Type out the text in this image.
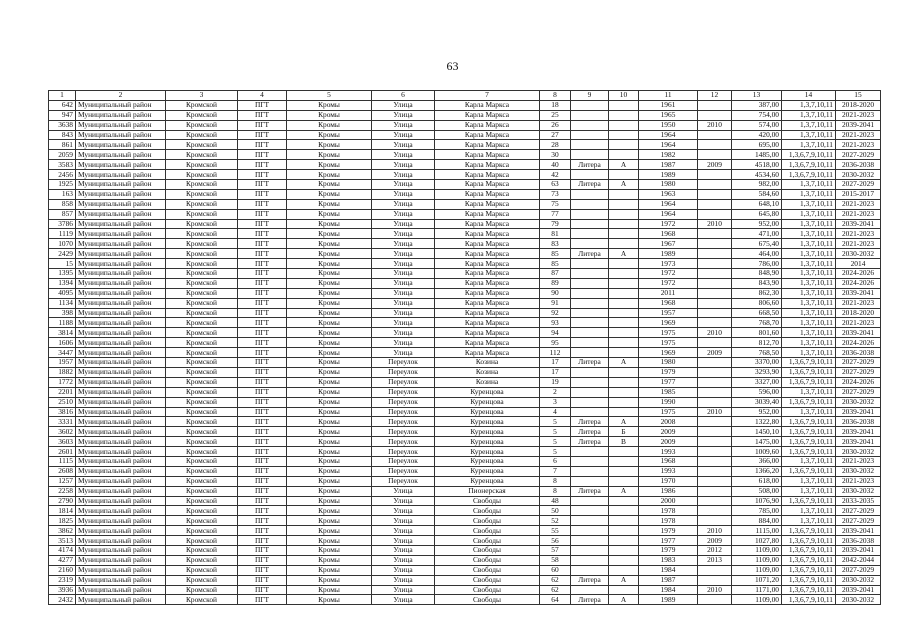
63
1	2	3	4	5	6	7	8	9	10	11	12	13	14	15
642	Муниципальный район	Кромской	ПГТ	Кромы	Улица	Карла Маркса	18			1961		387,00	1,3,7,10,11	2018-2020
947	Муниципальный район	Кромской	ПГТ	Кромы	Улица	Карла Маркса	25			1965		754,00	1,3,7,10,11	2021-2023
3638	Муниципальный район	Кромской	ПГТ	Кромы	Улица	Карла Маркса	26			1950	2010	574,00	1,3,7,10,11	2039-2041
843	Муниципальный район	Кромской	ПГТ	Кромы	Улица	Карла Маркса	27			1964		420,00	1,3,7,10,11	2021-2023
861	Муниципальный район	Кромской	ПГТ	Кромы	Улица	Карла Маркса	28			1964		695,00	1,3,7,10,11	2021-2023
2059	Муниципальный район	Кромской	ПГТ	Кромы	Улица	Карла Маркса	30			1982		1485,00	1,3,6,7,9,10,11	2027-2029
3583	Муниципальный район	Кромской	ПГТ	Кромы	Улица	Карла Маркса	40	Литера	А	1987	2009	4518,00	1,3,6,7,9,10,11	2036-2038
2456	Муниципальный район	Кромской	ПГТ	Кромы	Улица	Карла Маркса	42			1989		4534,60	1,3,6,7,9,10,11	2030-2032
1925	Муниципальный район	Кромской	ПГТ	Кромы	Улица	Карла Маркса	63	Литера	А	1980		982,00	1,3,7,10,11	2027-2029
163	Муниципальный район	Кромской	ПГТ	Кромы	Улица	Карла Маркса	73			1963		584,60	1,3,7,10,11	2015-2017
858	Муниципальный район	Кромской	ПГТ	Кромы	Улица	Карла Маркса	75			1964		648,10	1,3,7,10,11	2021-2023
857	Муниципальный район	Кромской	ПГТ	Кромы	Улица	Карла Маркса	77			1964		645,80	1,3,7,10,11	2021-2023
3786	Муниципальный район	Кромской	ПГТ	Кромы	Улица	Карла Маркса	79			1972	2010	952,00	1,3,7,10,11	2039-2041
1119	Муниципальный район	Кромской	ПГТ	Кромы	Улица	Карла Маркса	81			1968		471,00	1,3,7,10,11	2021-2023
1070	Муниципальный район	Кромской	ПГТ	Кромы	Улица	Карла Маркса	83			1967		675,40	1,3,7,10,11	2021-2023
2429	Муниципальный район	Кромской	ПГТ	Кромы	Улица	Карла Маркса	85	Литера	А	1989		464,00	1,3,7,10,11	2030-2032
15	Муниципальный район	Кромской	ПГТ	Кромы	Улица	Карла Маркса	85			1973		786,00	1,3,7,10,11	2014
1395	Муниципальный район	Кромской	ПГТ	Кромы	Улица	Карла Маркса	87			1972		848,90	1,3,7,10,11	2024-2026
1394	Муниципальный район	Кромской	ПГТ	Кромы	Улица	Карла Маркса	89			1972		843,90	1,3,7,10,11	2024-2026
4095	Муниципальный район	Кромской	ПГТ	Кромы	Улица	Карла Маркса	90			2011		862,30	1,3,7,10,11	2039-2041
1134	Муниципальный район	Кромской	ПГТ	Кромы	Улица	Карла Маркса	91			1968		806,60	1,3,7,10,11	2021-2023
398	Муниципальный район	Кромской	ПГТ	Кромы	Улица	Карла Маркса	92			1957		668,50	1,3,7,10,11	2018-2020
1188	Муниципальный район	Кромской	ПГТ	Кромы	Улица	Карла Маркса	93			1969		768,70	1,3,7,10,11	2021-2023
3814	Муниципальный район	Кромской	ПГТ	Кромы	Улица	Карла Маркса	94			1975	2010	801,60	1,3,7,10,11	2039-2041
1606	Муниципальный район	Кромской	ПГТ	Кромы	Улица	Карла Маркса	95			1975		812,70	1,3,7,10,11	2024-2026
3447	Муниципальный район	Кромской	ПГТ	Кромы	Улица	Карла Маркса	112			1969	2009	768,50	1,3,7,10,11	2036-2038
1957	Муниципальный район	Кромской	ПГТ	Кромы	Переулок	Козина	17	Литера	А	1980		3370,00	1,3,6,7,9,10,11	2027-2029
1882	Муниципальный район	Кромской	ПГТ	Кромы	Переулок	Козина	17			1979		3293,90	1,3,6,7,9,10,11	2027-2029
1772	Муниципальный район	Кромской	ПГТ	Кромы	Переулок	Козина	19			1977		3327,00	1,3,6,7,9,10,11	2024-2026
2201	Муниципальный район	Кромской	ПГТ	Кромы	Переулок	Куренцова	2			1985		596,00	1,3,7,10,11	2027-2029
2510	Муниципальный район	Кромской	ПГТ	Кромы	Переулок	Куренцова	3			1990		3039,40	1,3,6,7,9,10,11	2030-2032
3816	Муниципальный район	Кромской	ПГТ	Кромы	Переулок	Куренцова	4			1975	2010	952,00	1,3,7,10,11	2039-2041
3331	Муниципальный район	Кромской	ПГТ	Кромы	Переулок	Куренцова	5	Литера	А	2008		1322,80	1,3,6,7,9,10,11	2036-2038
3602	Муниципальный район	Кромской	ПГТ	Кромы	Переулок	Куренцова	5	Литера	Б	2009		1450,10	1,3,6,7,9,10,11	2039-2041
3603	Муниципальный район	Кромской	ПГТ	Кромы	Переулок	Куренцова	5	Литера	В	2009		1475,00	1,3,6,7,9,10,11	2039-2041
2601	Муниципальный район	Кромской	ПГТ	Кромы	Переулок	Куренцова	5			1993		1009,60	1,3,6,7,9,10,11	2030-2032
1115	Муниципальный район	Кромской	ПГТ	Кромы	Переулок	Куренцова	6			1968		366,00	1,3,7,10,11	2021-2023
2608	Муниципальный район	Кромской	ПГТ	Кромы	Переулок	Куренцова	7			1993		1366,20	1,3,6,7,9,10,11	2030-2032
1257	Муниципальный район	Кромской	ПГТ	Кромы	Переулок	Куренцова	8			1970		618,00	1,3,7,10,11	2021-2023
2258	Муниципальный район	Кромской	ПГТ	Кромы	Улица	Пионерская	8	Литера	А	1986		508,00	1,3,7,10,11	2030-2032
2790	Муниципальный район	Кромской	ПГТ	Кромы	Улица	Свободы	48			2000		1076,90	1,3,6,7,9,10,11	2033-2035
1814	Муниципальный район	Кромской	ПГТ	Кромы	Улица	Свободы	50			1978		785,00	1,3,7,10,11	2027-2029
1825	Муниципальный район	Кромской	ПГТ	Кромы	Улица	Свободы	52			1978		884,00	1,3,7,10,11	2027-2029
3862	Муниципальный район	Кромской	ПГТ	Кромы	Улица	Свободы	55			1979	2010	1115,00	1,3,6,7,9,10,11	2039-2041
3513	Муниципальный район	Кромской	ПГТ	Кромы	Улица	Свободы	56			1977	2009	1027,80	1,3,6,7,9,10,11	2036-2038
4174	Муниципальный район	Кромской	ПГТ	Кромы	Улица	Свободы	57			1979	2012	1109,00	1,3,6,7,9,10,11	2039-2041
4277	Муниципальный район	Кромской	ПГТ	Кромы	Улица	Свободы	58			1983	2013	1109,00	1,3,6,7,9,10,11	2042-2044
2160	Муниципальный район	Кромской	ПГТ	Кромы	Улица	Свободы	60			1984		1109,00	1,3,6,7,9,10,11	2027-2029
2319	Муниципальный район	Кромской	ПГТ	Кромы	Улица	Свободы	62	Литера	А	1987		1071,20	1,3,6,7,9,10,11	2030-2032
3936	Муниципальный район	Кромской	ПГТ	Кромы	Улица	Свободы	62			1984	2010	1171,00	1,3,6,7,9,10,11	2039-2041
2432	Муниципальный район	Кромской	ПГТ	Кромы	Улица	Свободы	64	Литера	А	1989		1109,00	1,3,6,7,9,10,11	2030-2032
